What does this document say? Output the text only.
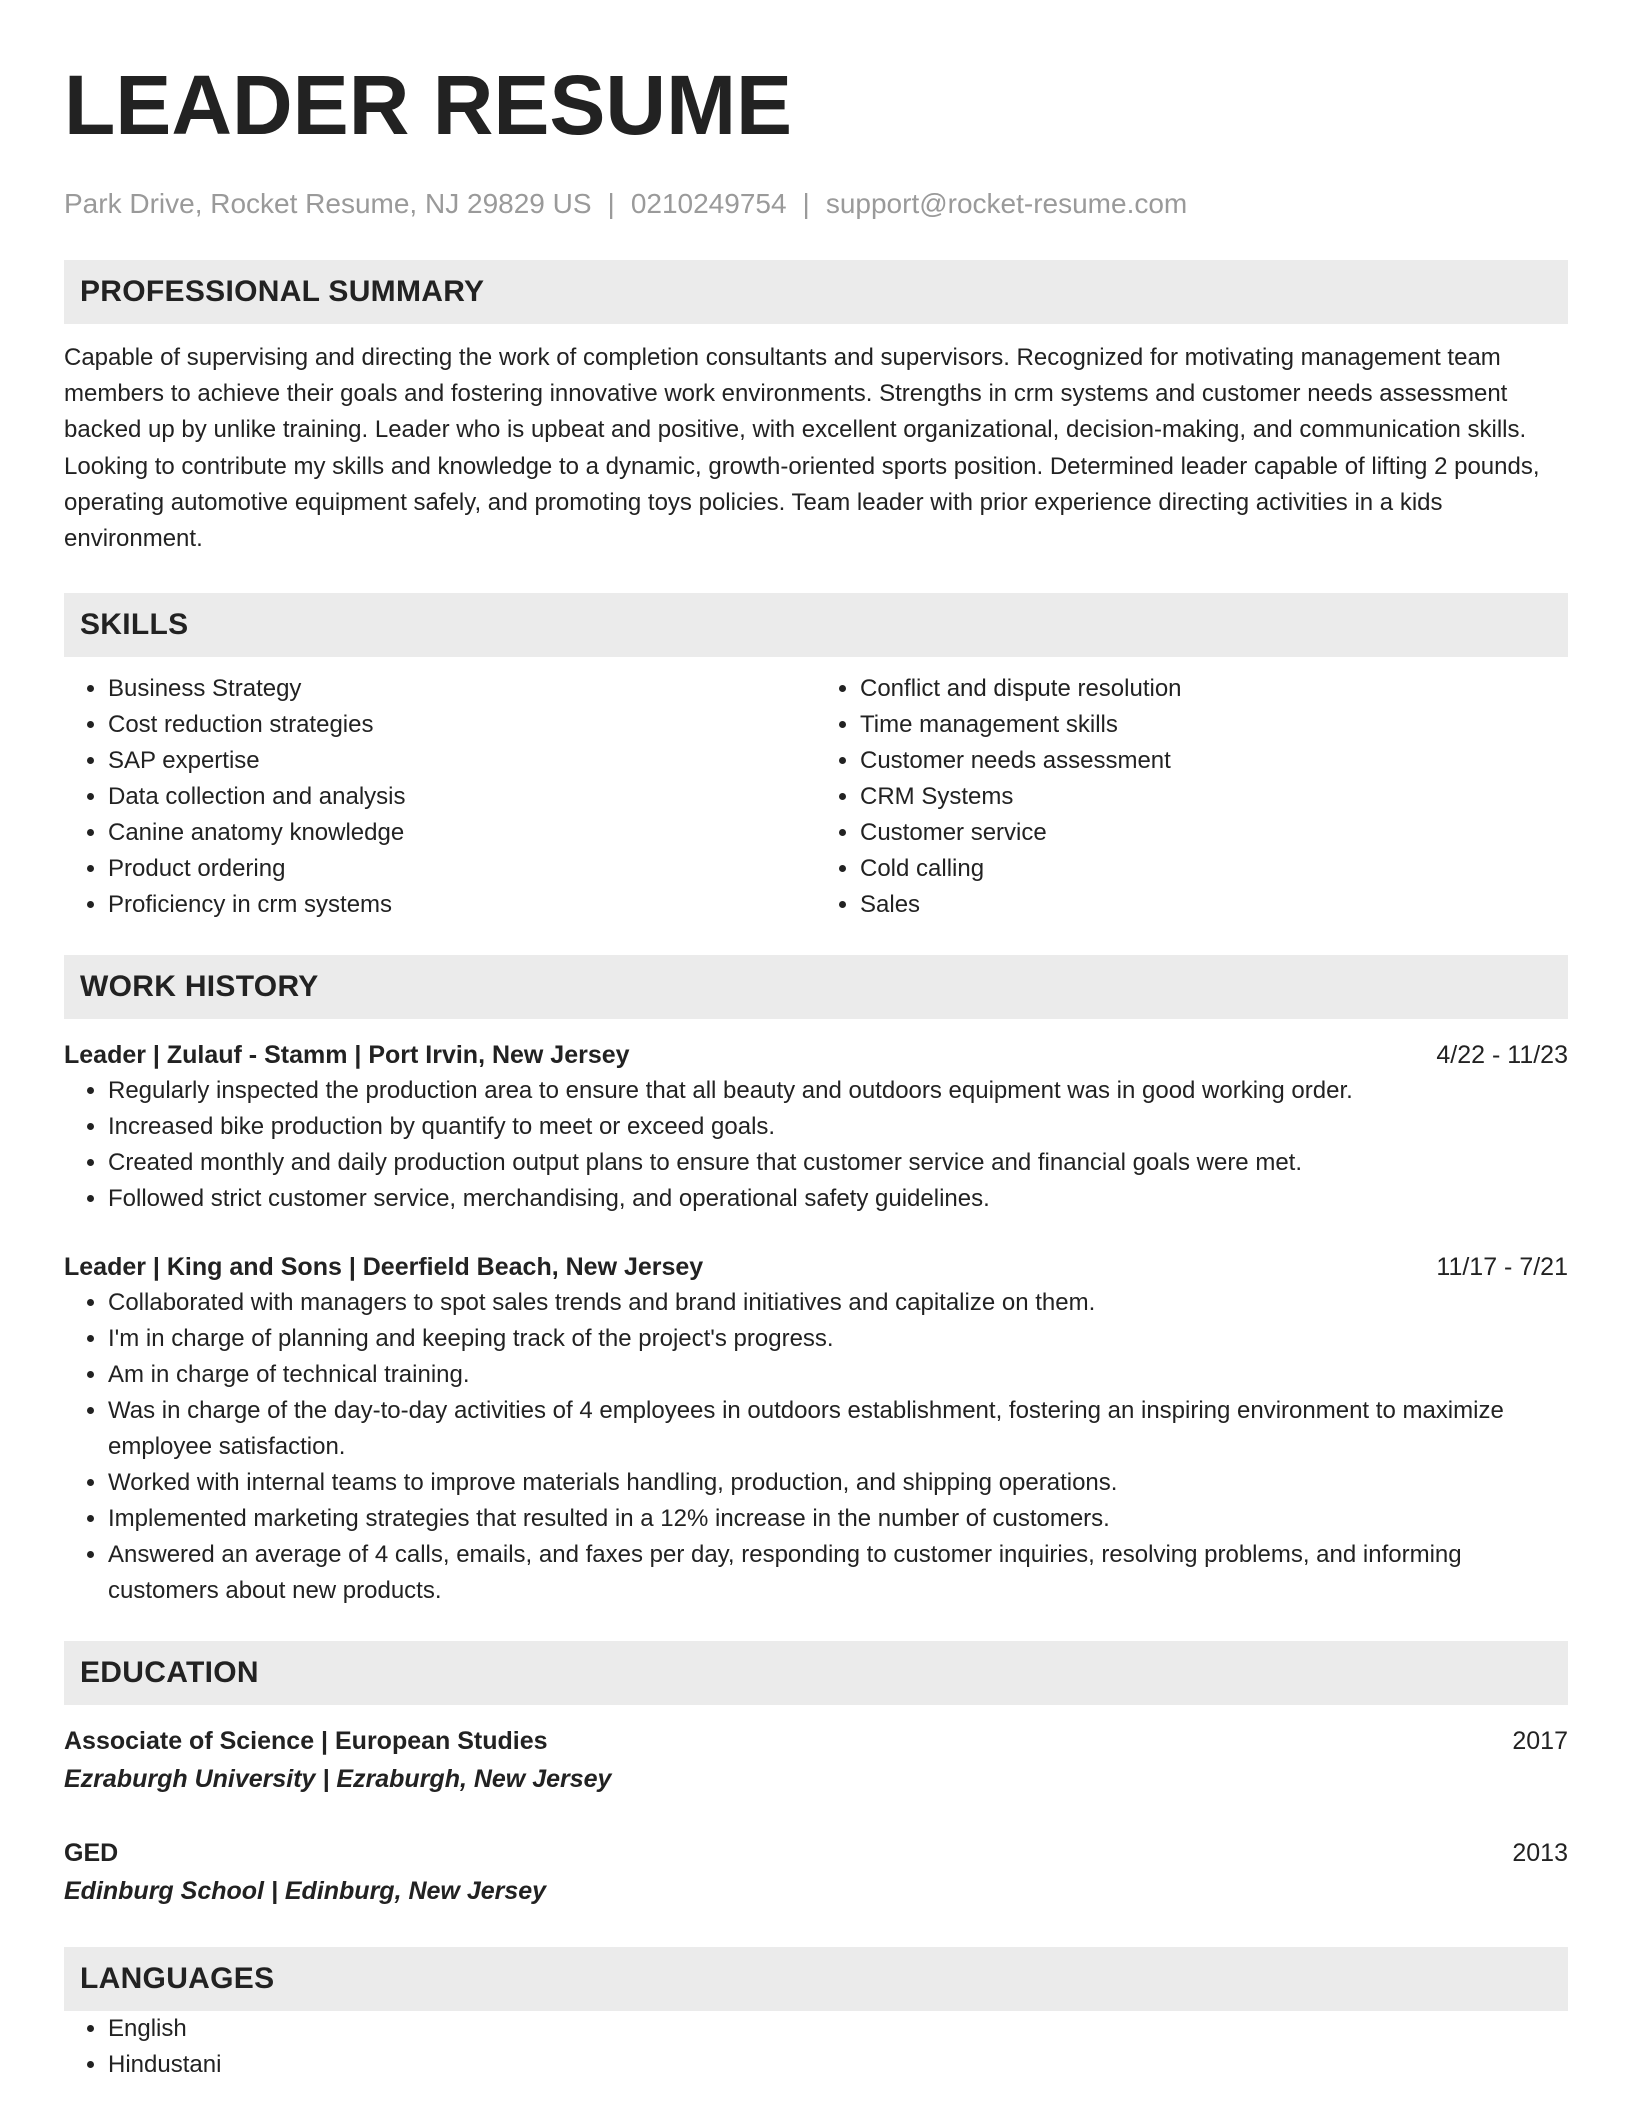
LEADER RESUME
Park Drive, Rocket Resume, NJ 29829 US | 0210249754 | support@rocket-resume.com
PROFESSIONAL SUMMARY
Capable of supervising and directing the work of completion consultants and supervisors. Recognized for motivating management team members to achieve their goals and fostering innovative work environments. Strengths in crm systems and customer needs assessment backed up by unlike training. Leader who is upbeat and positive, with excellent organizational, decision-making, and communication skills. Looking to contribute my skills and knowledge to a dynamic, growth-oriented sports position. Determined leader capable of lifting 2 pounds, operating automotive equipment safely, and promoting toys policies. Team leader with prior experience directing activities in a kids environment.
SKILLS
• Business Strategy
• Cost reduction strategies
• SAP expertise
• Data collection and analysis
• Canine anatomy knowledge
• Product ordering
• Proficiency in crm systems
• Conflict and dispute resolution
• Time management skills
• Customer needs assessment
• CRM Systems
• Customer service
• Cold calling
• Sales
WORK HISTORY
Leader | Zulauf - Stamm | Port Irvin, New Jersey	4/22 - 11/23
• Regularly inspected the production area to ensure that all beauty and outdoors equipment was in good working order.
• Increased bike production by quantify to meet or exceed goals.
• Created monthly and daily production output plans to ensure that customer service and financial goals were met.
• Followed strict customer service, merchandising, and operational safety guidelines.
Leader | King and Sons | Deerfield Beach, New Jersey	11/17 - 7/21
• Collaborated with managers to spot sales trends and brand initiatives and capitalize on them.
• I'm in charge of planning and keeping track of the project's progress.
• Am in charge of technical training.
• Was in charge of the day-to-day activities of 4 employees in outdoors establishment, fostering an inspiring environment to maximize employee satisfaction.
• Worked with internal teams to improve materials handling, production, and shipping operations.
• Implemented marketing strategies that resulted in a 12% increase in the number of customers.
• Answered an average of 4 calls, emails, and faxes per day, responding to customer inquiries, resolving problems, and informing customers about new products.
EDUCATION
Associate of Science | European Studies	2017
Ezraburgh University | Ezraburgh, New Jersey
GED	2013
Edinburg School | Edinburg, New Jersey
LANGUAGES
• English
• Hindustani
